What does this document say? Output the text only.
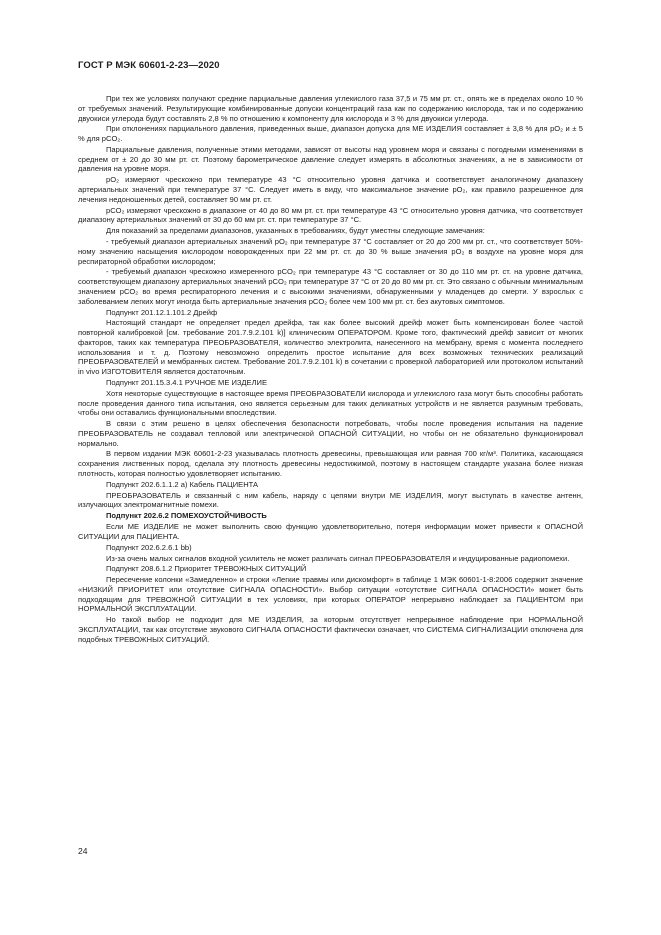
ГОСТ Р МЭК 60601-2-23—2020

При тех же условиях получают средние парциальные давления углекислого газа 37,5 и 75 мм рт. ст., опять же в пределах около 10 % от требуемых значений. Результирующие комбинированные допуски концентраций газа как по содержанию кислорода, так и по содержанию двуокиси углерода будут составлять 2,8 % по отношению к компоненту для кислорода и 3 % для двуокиси углерода.

При отклонениях парциального давления, приведенных выше, диапазон допуска для МЕ ИЗДЕЛИЯ составляет ± 3,8 % для pO₂ и ± 5 % для pCO₂.

Парциальные давления, полученные этими методами, зависят от высоты над уровнем моря и связаны с погодными изменениями в среднем от ± 20 до 30 мм рт. ст. Поэтому барометрическое давление следует измерять в абсолютных значениях, а не в зависимости от давления на уровне моря.

pO₂ измеряют чрескожно при температуре 43 °С относительно уровня датчика и соответствует аналогичному диапазону артериальных значений при температуре 37 °С. Следует иметь в виду, что максимальное значение pO₂, как правило разрешенное для лечения недоношенных детей, составляет 90 мм рт. ст.

pCO₂ измеряют чрескожно в диапазоне от 40 до 80 мм рт. ст. при температуре 43 °С относительно уровня датчика, что соответствует диапазону артериальных значений от 30 до 60 мм рт. ст. при температуре 37 °С.

Для показаний за пределами диапазонов, указанных в требованиях, будут уместны следующие замечания:

- требуемый диапазон артериальных значений pO₂ при температуре 37 °С составляет от 20 до 200 мм рт. ст., что соответствует 50%-ному значению насыщения кислородом новорожденных при 22 мм рт. ст. до 30 % выше значения pO₂ в воздухе на уровне моря для респираторной обработки кислородом;

- требуемый диапазон чрескожно измеренного pCO₂ при температуре 43 °С составляет от 30 до 110 мм рт. ст. на уровне датчика, соответствующем диапазону артериальных значений pCO₂ при температуре 37 °С от 20 до 80 мм рт. ст. Это связано с обычным минимальным значением pCO₂ во время респираторного лечения и с высокими значениями, обнаруженными у младенцев до смерти. У взрослых с заболеванием легких могут иногда быть артериальные значения pCO₂ более чем 100 мм рт. ст. без акутовых симптомов.

Подпункт 201.12.1.101.2 Дрейф

Настоящий стандарт не определяет предел дрейфа, так как более высокий дрейф может быть компенсирован более частой повторной калибровкой [см. требование 201.7.9.2.101 k)] клиническим ОПЕРАТОРОМ. Кроме того, фактический дрейф зависит от многих факторов, таких как температура ПРЕОБРАЗОВАТЕЛЯ, количество электролита, нанесенного на мембрану, время с момента последнего использования и т. д. Поэтому невозможно определить простое испытание для всех возможных технических реализаций ПРЕОБРАЗОВАТЕЛЕЙ и мембранных систем. Требование 201.7.9.2.101 k) в сочетании с проверкой лабораторией или протоколом испытаний in vivo ИЗГОТОВИТЕЛЯ является достаточным.

Подпункт 201.15.3.4.1 РУЧНОЕ МЕ ИЗДЕЛИЕ

Хотя некоторые существующие в настоящее время ПРЕОБРАЗОВАТЕЛИ кислорода и углекислого газа могут быть способны работать после проведения данного типа испытания, оно является серьезным для таких деликатных устройств и не является разумным требовать, чтобы они оставались функциональными впоследствии.

В связи с этим решено в целях обеспечения безопасности потребовать, чтобы после проведения испытания на падение ПРЕОБРАЗОВАТЕЛЬ не создавал тепловой или электрической ОПАСНОЙ СИТУАЦИИ, но чтобы он не обязательно функционировал нормально.

В первом издании МЭК 60601-2-23 указывалась плотность древесины, превышающая или равная 700 кг/м³. Политика, касающаяся сохранения лиственных пород, сделала эту плотность древесины недостижимой, поэтому в настоящем стандарте указана более низкая плотность, которая полностью удовлетворяет испытанию.

Подпункт 202.6.1.1.2 a) Кабель ПАЦИЕНТА

ПРЕОБРАЗОВАТЕЛЬ и связанный с ним кабель, наряду с цепями внутри МЕ ИЗДЕЛИЯ, могут выступать в качестве антенн, излучающих электромагнитные помехи.

Подпункт 202.6.2 ПОМЕХОУСТОЙЧИВОСТЬ

Если МЕ ИЗДЕЛИЕ не может выполнить свою функцию удовлетворительно, потеря информации может привести к ОПАСНОЙ СИТУАЦИИ для ПАЦИЕНТА.

Подпункт 202.6.2.6.1 bb)

Из-за очень малых сигналов входной усилитель не может различать сигнал ПРЕОБРАЗОВАТЕЛЯ и индуцированные радиопомехи.

Подпункт 208.6.1.2 Приоритет ТРЕВОЖНЫХ СИТУАЦИЙ

Пересечение колонки «Замедленно» и строки «Легкие травмы или дискомфорт» в таблице 1 МЭК 60601-1-8:2006 содержит значение «НИЗКИЙ ПРИОРИТЕТ или отсутствие СИГНАЛА ОПАСНОСТИ». Выбор ситуации «отсутствие СИГНАЛА ОПАСНОСТИ» может быть подходящим для ТРЕВОЖНОЙ СИТУАЦИИ в тех условиях, при которых ОПЕРАТОР непрерывно наблюдает за ПАЦИЕНТОМ при НОРМАЛЬНОЙ ЭКСПЛУАТАЦИИ.

Но такой выбор не подходит для МЕ ИЗДЕЛИЯ, за которым отсутствует непрерывное наблюдение при НОРМАЛЬНОЙ ЭКСПЛУАТАЦИИ, так как отсутствие звукового СИГНАЛА ОПАСНОСТИ фактически означает, что СИСТЕМА СИГНАЛИЗАЦИИ отключена для подобных ТРЕВОЖНЫХ СИТУАЦИЙ.

24
